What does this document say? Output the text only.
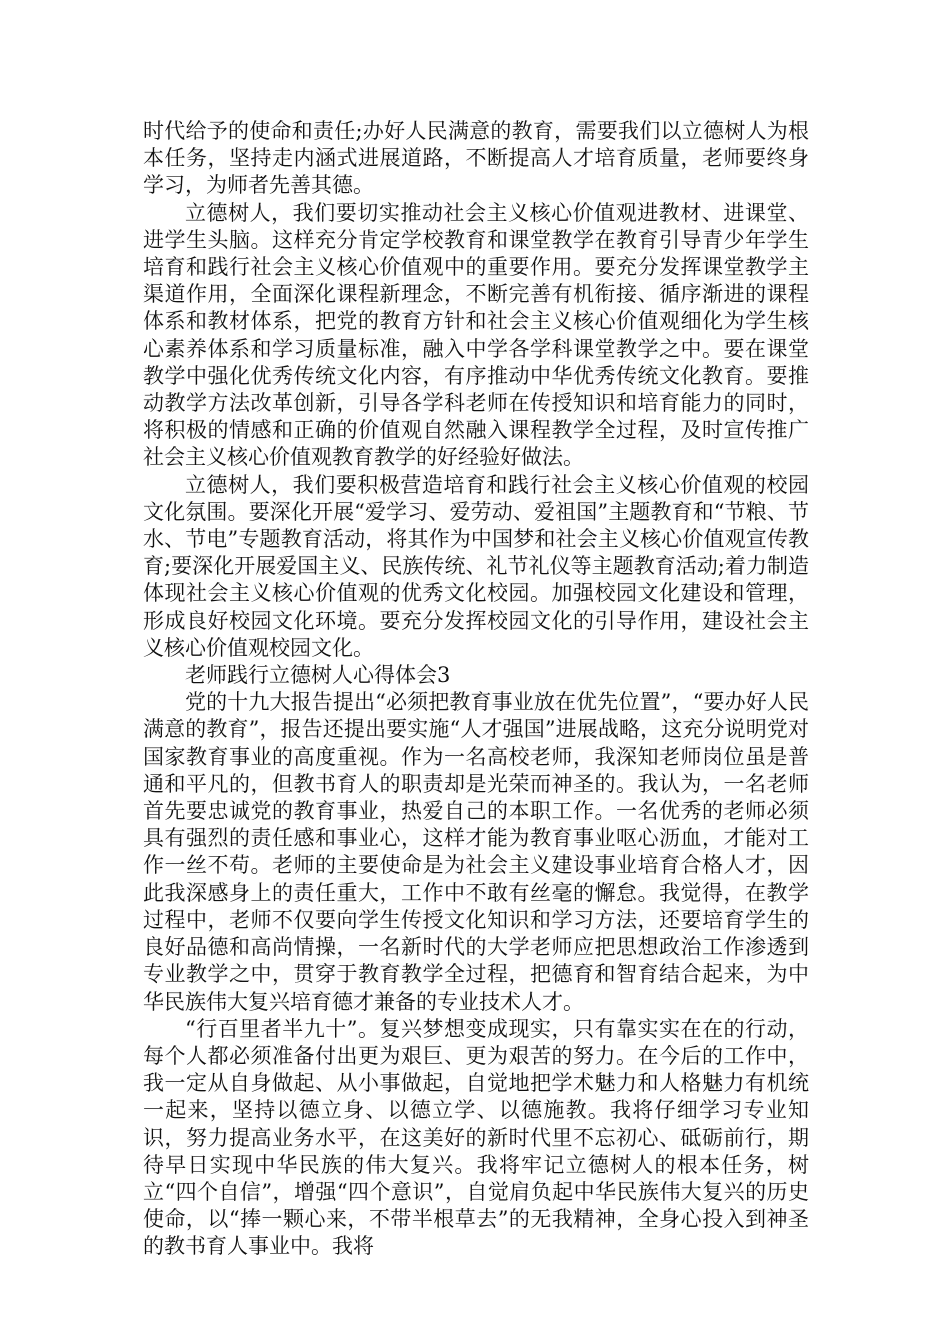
时代给予的使命和责任;办好人民满意的教育，需要我们以立德树人为根本任务，坚持走内涵式进展道路，不断提高人才培育质量，老师要终身学习，为师者先善其德。

立德树人，我们要切实推动社会主义核心价值观进教材、进课堂、进学生头脑。这样充分肯定学校教育和课堂教学在教育引导青少年学生培育和践行社会主义核心价值观中的重要作用。要充分发挥课堂教学主渠道作用，全面深化课程新理念，不断完善有机衔接、循序渐进的课程体系和教材体系，把党的教育方针和社会主义核心价值观细化为学生核心素养体系和学习质量标准，融入中学各学科课堂教学之中。要在课堂教学中强化优秀传统文化内容，有序推动中华优秀传统文化教育。要推动教学方法改革创新，引导各学科老师在传授知识和培育能力的同时，将积极的情感和正确的价值观自然融入课程教学全过程，及时宣传推广社会主义核心价值观教育教学的好经验好做法。

立德树人，我们要积极营造培育和践行社会主义核心价值观的校园文化氛围。要深化开展“爱学习、爱劳动、爱祖国”主题教育和“节粮、节水、节电”专题教育活动，将其作为中国梦和社会主义核心价值观宣传教育;要深化开展爱国主义、民族传统、礼节礼仪等主题教育活动;着力制造体现社会主义核心价值观的优秀文化校园。加强校园文化建设和管理，形成良好校园文化环境。要充分发挥校园文化的引导作用，建设社会主义核心价值观校园文化。

老师践行立德树人心得体会3

党的十九大报告提出“必须把教育事业放在优先位置”，“要办好人民满意的教育”，报告还提出要实施“人才强国”进展战略，这充分说明党对国家教育事业的高度重视。作为一名高校老师，我深知老师岗位虽是普通和平凡的，但教书育人的职责却是光荣而神圣的。我认为，一名老师首先要忠诚党的教育事业，热爱自己的本职工作。一名优秀的老师必须具有强烈的责任感和事业心，这样才能为教育事业呕心沥血，才能对工作一丝不苟。老师的主要使命是为社会主义建设事业培育合格人才，因此我深感身上的责任重大，工作中不敢有丝毫的懈怠。我觉得，在教学过程中，老师不仅要向学生传授文化知识和学习方法，还要培育学生的良好品德和高尚情操，一名新时代的大学老师应把思想政治工作渗透到专业教学之中，贯穿于教育教学全过程，把德育和智育结合起来，为中华民族伟大复兴培育德才兼备的专业技术人才。

“行百里者半九十”。复兴梦想变成现实，只有靠实实在在的行动，每个人都必须准备付出更为艰巨、更为艰苦的努力。在今后的工作中，我一定从自身做起、从小事做起，自觉地把学术魅力和人格魅力有机统一起来，坚持以德立身、以德立学、以德施教。我将仔细学习专业知识，努力提高业务水平，在这美好的新时代里不忘初心、砥砺前行，期待早日实现中华民族的伟大复兴。我将牢记立德树人的根本任务，树立“四个自信”，增强“四个意识”，自觉肩负起中华民族伟大复兴的历史使命，以“捧一颗心来，不带半根草去”的无我精神，全身心投入到神圣的教书育人事业中。我将
